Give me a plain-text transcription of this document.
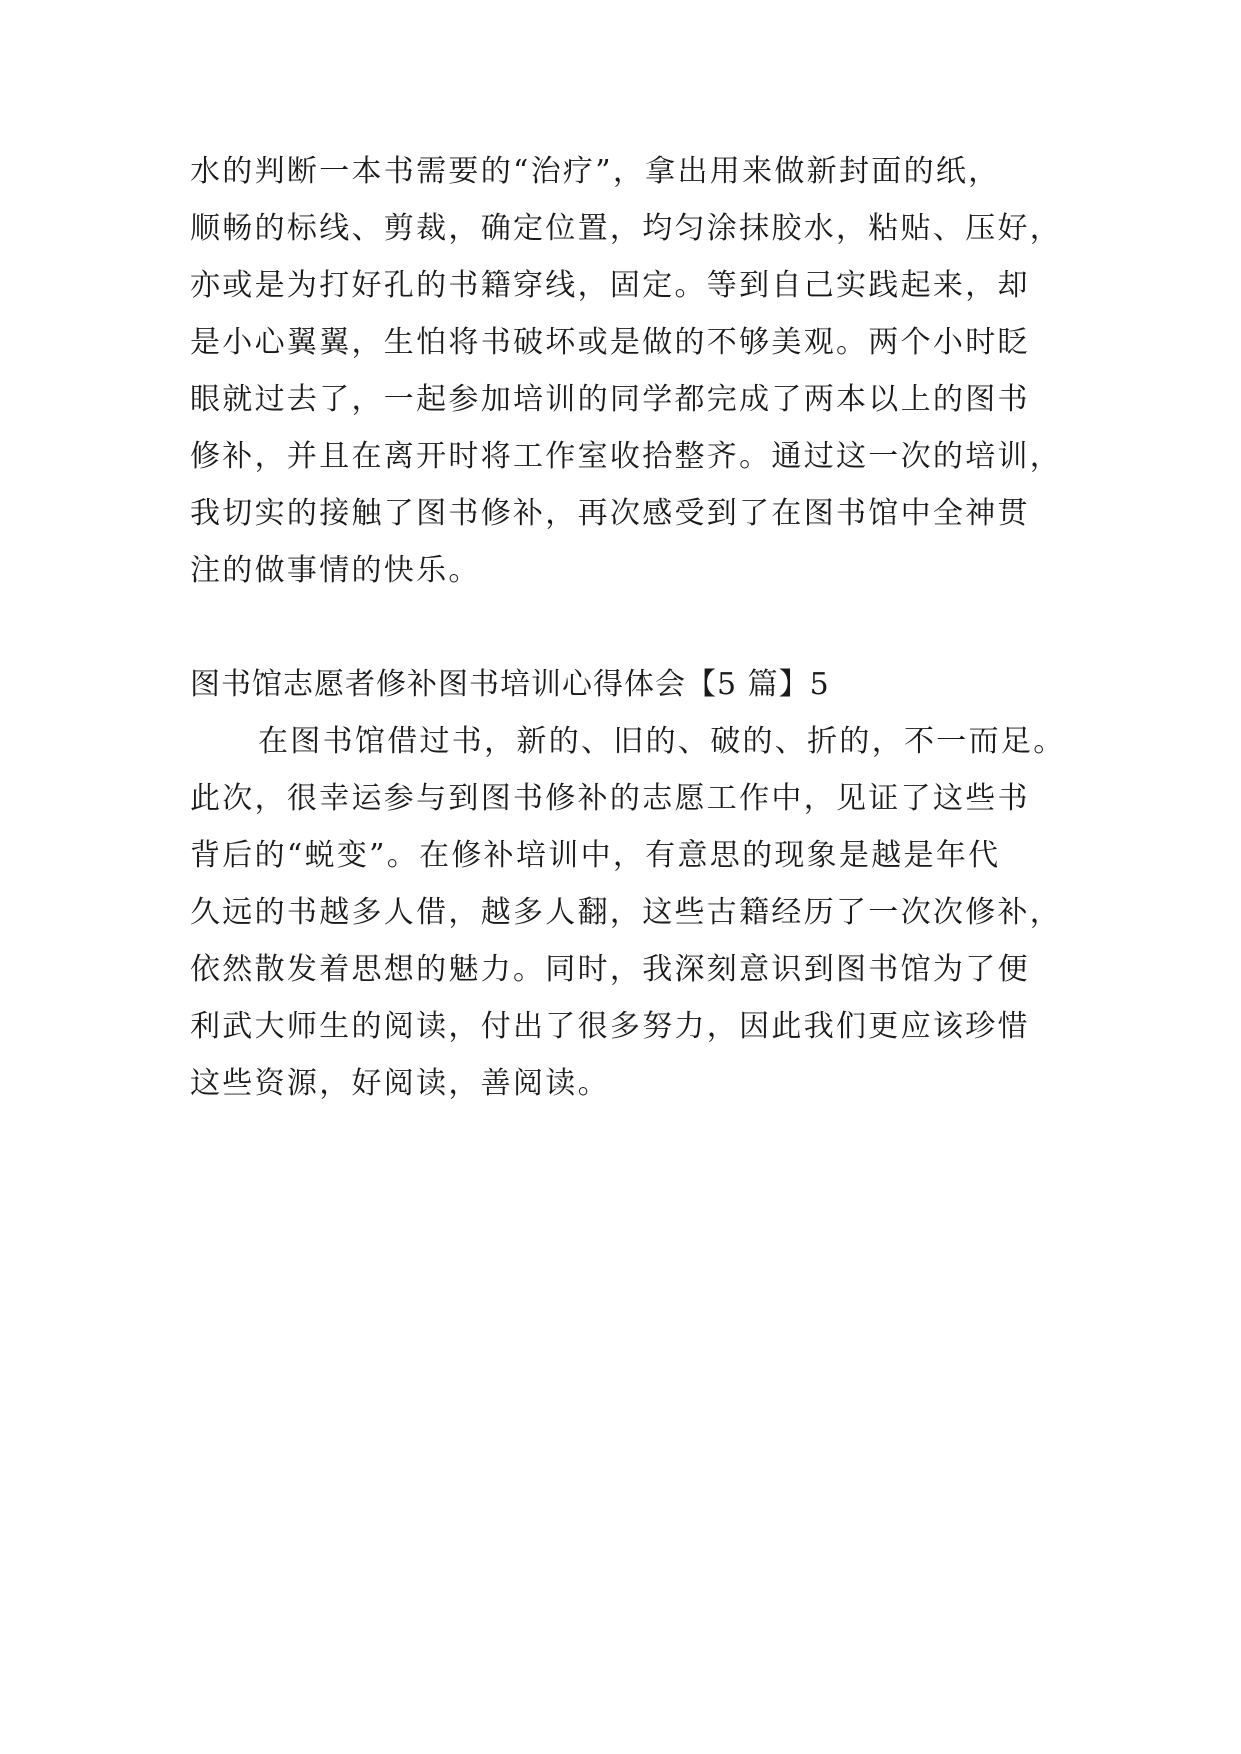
水的判断一本书需要的“治疗”，拿出用来做新封面的纸，

顺畅的标线、剪裁，确定位置，均匀涂抹胶水，粘贴、压好，

亦或是为打好孔的书籍穿线，固定。等到自己实践起来，却

是小心翼翼，生怕将书破坏或是做的不够美观。两个小时眨

眼就过去了，一起参加培训的同学都完成了两本以上的图书

修补，并且在离开时将工作室收拾整齐。通过这一次的培训，

我切实的接触了图书修补，再次感受到了在图书馆中全神贯

注的做事情的快乐。

图书馆志愿者修补图书培训心得体会【5 篇】5

在图书馆借过书，新的、旧的、破的、折的，不一而足。

此次，很幸运参与到图书修补的志愿工作中，见证了这些书

背后的“蜕变”。在修补培训中，有意思的现象是越是年代

久远的书越多人借，越多人翻，这些古籍经历了一次次修补，

依然散发着思想的魅力。同时，我深刻意识到图书馆为了便

利武大师生的阅读，付出了很多努力，因此我们更应该珍惜

这些资源，好阅读，善阅读。
